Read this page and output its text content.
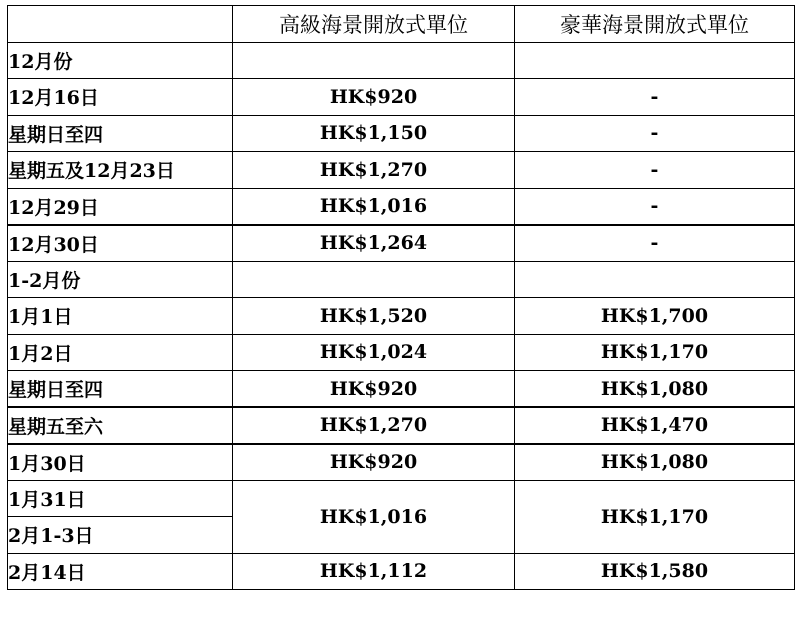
	高級海景開放式單位	豪華海景開放式單位
12月份		
12月16日	HK$920	-
星期日至四	HK$1,150	-
星期五及12月23日	HK$1,270	-
12月29日	HK$1,016	-
12月30日	HK$1,264	-
1-2月份		
1月1日	HK$1,520	HK$1,700
1月2日	HK$1,024	HK$1,170
星期日至四	HK$920	HK$1,080
星期五至六	HK$1,270	HK$1,470
1月30日	HK$920	HK$1,080
1月31日	HK$1,016	HK$1,170
2月1-3日		
2月14日	HK$1,112	HK$1,580
